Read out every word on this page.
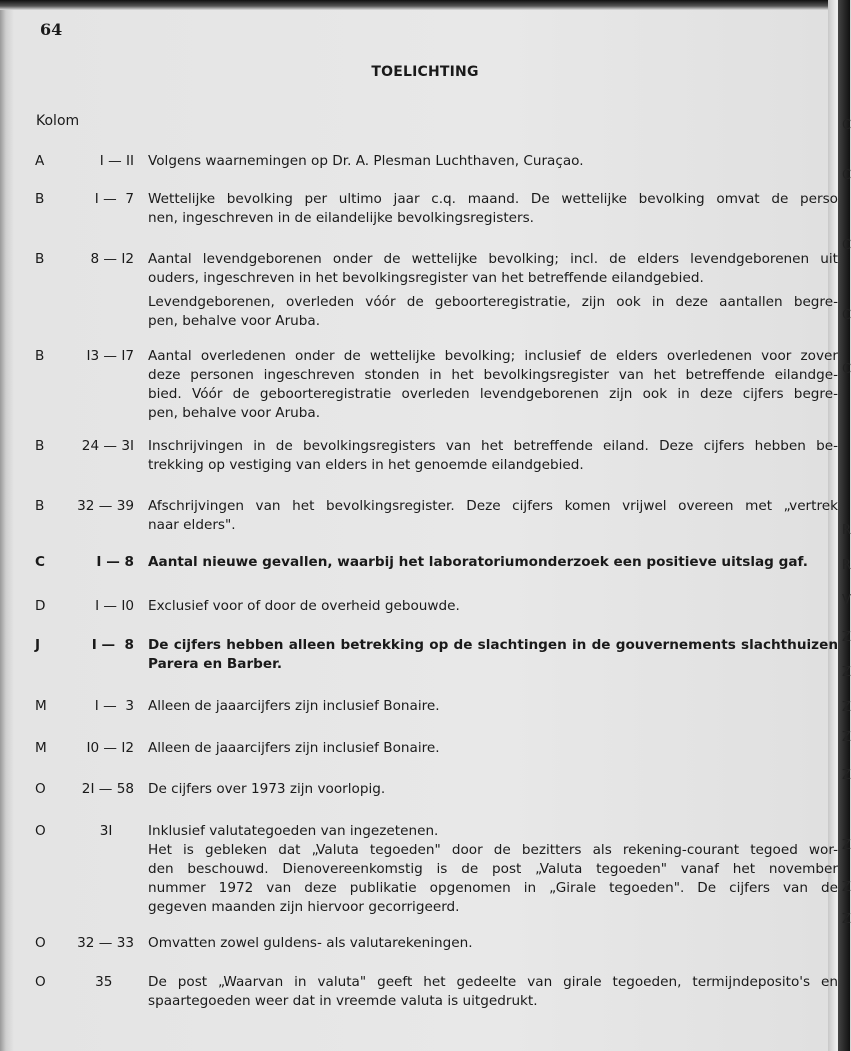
64
TOELICHTING
Kolom
A	I — II Volgens waarnemingen op Dr. A. Plesman Luchthaven, Curaçao.
B	I —  7 Wettelijke bevolking per ultimo jaar c.q. maand. De wettelijke bevolking omvat de perso
nen, ingeschreven in de eilandelijke bevolkingsregisters.
B	8 — I2 Aantal levendgeborenen onder de wettelijke bevolking; incl. de elders levendgeborenen uit
ouders, ingeschreven in het bevolkingsregister van het betreffende eilandgebied.
Levendgeborenen, overleden vóór de geboorteregistratie, zijn ook in deze aantallen begre-
pen, behalve voor Aruba.
B	I3 — I7 Aantal overledenen onder de wettelijke bevolking; inclusief de elders overledenen voor zover
deze personen ingeschreven stonden in het bevolkingsregister van het betreffende eilandge-
bied. Vóór de geboorteregistratie overleden levendgeborenen zijn ook in deze cijfers begre-
pen, behalve voor Aruba.
B	24 — 3I Inschrijvingen in de bevolkingsregisters van het betreffende eiland. Deze cijfers hebben be-
trekking op vestiging van elders in het genoemde eilandgebied.
B	32 — 39 Afschrijvingen van het bevolkingsregister. Deze cijfers komen vrijwel overeen met „vertrek
naar elders".
C	I — 8 Aantal nieuwe gevallen, waarbij het laboratoriumonderzoek een positieve uitslag gaf.
D	I — I0 Exclusief voor of door de overheid gebouwde.
J	I —  8 De cijfers hebben alleen betrekking op de slachtingen in de gouvernements slachthuizen
Parera en Barber.
M	I —  3 Alleen de jaaarcijfers zijn inclusief Bonaire.
M	I0 — I2 Alleen de jaaarcijfers zijn inclusief Bonaire.
O	2I — 58 De cijfers over 1973 zijn voorlopig.
O	3I Inklusief valutategoeden van ingezetenen.
Het is gebleken dat „Valuta tegoeden" door de bezitters als rekening-courant tegoed wor-
den beschouwd. Dienovereenkomstig is de post „Valuta tegoeden" vanaf het november
nummer 1972 van deze publikatie opgenomen in „Girale tegoeden". De cijfers van de
gegeven maanden zijn hiervoor gecorrigeerd.
O	32 — 33 Omvatten zowel guldens- als valutarekeningen.
O	35 De post „Waarvan in valuta" geeft het gedeelte van girale tegoeden, termijndeposito's en
spaartegoeden weer dat in vreemde valuta is uitgedrukt.
C
C
C
C
C
R
R
V
Z
Z
Z
Z
Z
Z
Z
Z
